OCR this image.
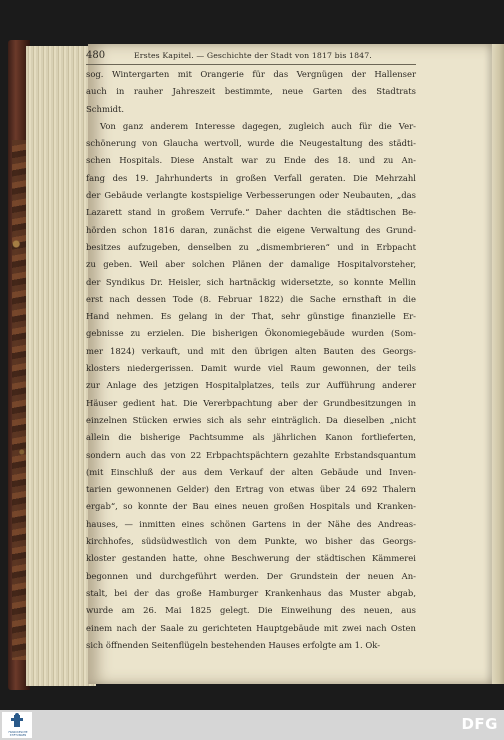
480	Erstes Kapitel. — Geschichte der Stadt von 1817 bis 1847.
sog. Wintergarten mit Orangerie für das Vergnügen der Hallenser
auch in rauher Jahreszeit bestimmte, neue Garten des Stadtrats
Schmidt.
Von ganz anderem Interesse dagegen, zugleich auch für die Ver-
schönerung von Glaucha wertvoll, wurde die Neugestaltung des städti-
schen Hospitals. Diese Anstalt war zu Ende des 18. und zu An-
fang des 19. Jahrhunderts in großen Verfall geraten. Die Mehrzahl
der Gebäude verlangte kostspielige Verbesserungen oder Neubauten, „das
Lazarett stand in großem Verrufe.“ Daher dachten die städtischen Be-
hörden schon 1816 daran, zunächst die eigene Verwaltung des Grund-
besitzes aufzugeben, denselben zu „dismembrieren“ und in Erbpacht
zu geben. Weil aber solchen Plänen der damalige Hospitalvorsteher,
der Syndikus Dr. Heisler, sich hartnäckig widersetzte, so konnte Mellin
erst nach dessen Tode (8. Februar 1822) die Sache ernsthaft in die
Hand nehmen. Es gelang in der That, sehr günstige finanzielle Er-
gebnisse zu erzielen. Die bisherigen Ökonomiegebäude wurden (Som-
mer 1824) verkauft, und mit den übrigen alten Bauten des Georgs-
klosters niedergerissen. Damit wurde viel Raum gewonnen, der teils
zur Anlage des jetzigen Hospitalplatzes, teils zur Aufführung anderer
Häuser gedient hat. Die Vererbpachtung aber der Grundbesitzungen in
einzelnen Stücken erwies sich als sehr einträglich. Da dieselben „nicht
allein die bisherige Pachtsumme als jährlichen Kanon fortlieferten,
sondern auch das von 22 Erbpachtspächtern gezahlte Erbstandsquantum
(mit Einschluß der aus dem Verkauf der alten Gebäude und Inven-
tarien gewonnenen Gelder) den Ertrag von etwas über 24 692 Thalern
ergab“, so konnte der Bau eines neuen großen Hospitals und Kranken-
hauses, — inmitten eines schönen Gartens in der Nähe des Andreas-
kirchhofes, südsüdwestlich von dem Punkte, wo bisher das Georgs-
kloster gestanden hatte, ohne Beschwerung der städtischen Kämmerei
begonnen und durchgeführt werden. Der Grundstein der neuen An-
stalt, bei der das große Hamburger Krankenhaus das Muster abgab,
wurde am 26. Mai 1825 gelegt. Die Einweihung des neuen, aus
einem nach der Saale zu gerichteten Hauptgebäude mit zwei nach Osten
sich öffnenden Seitenflügeln bestehenden Hauses erfolgte am 1. Ok-
FRANCKESCHE STIFTUNGEN
DFG
